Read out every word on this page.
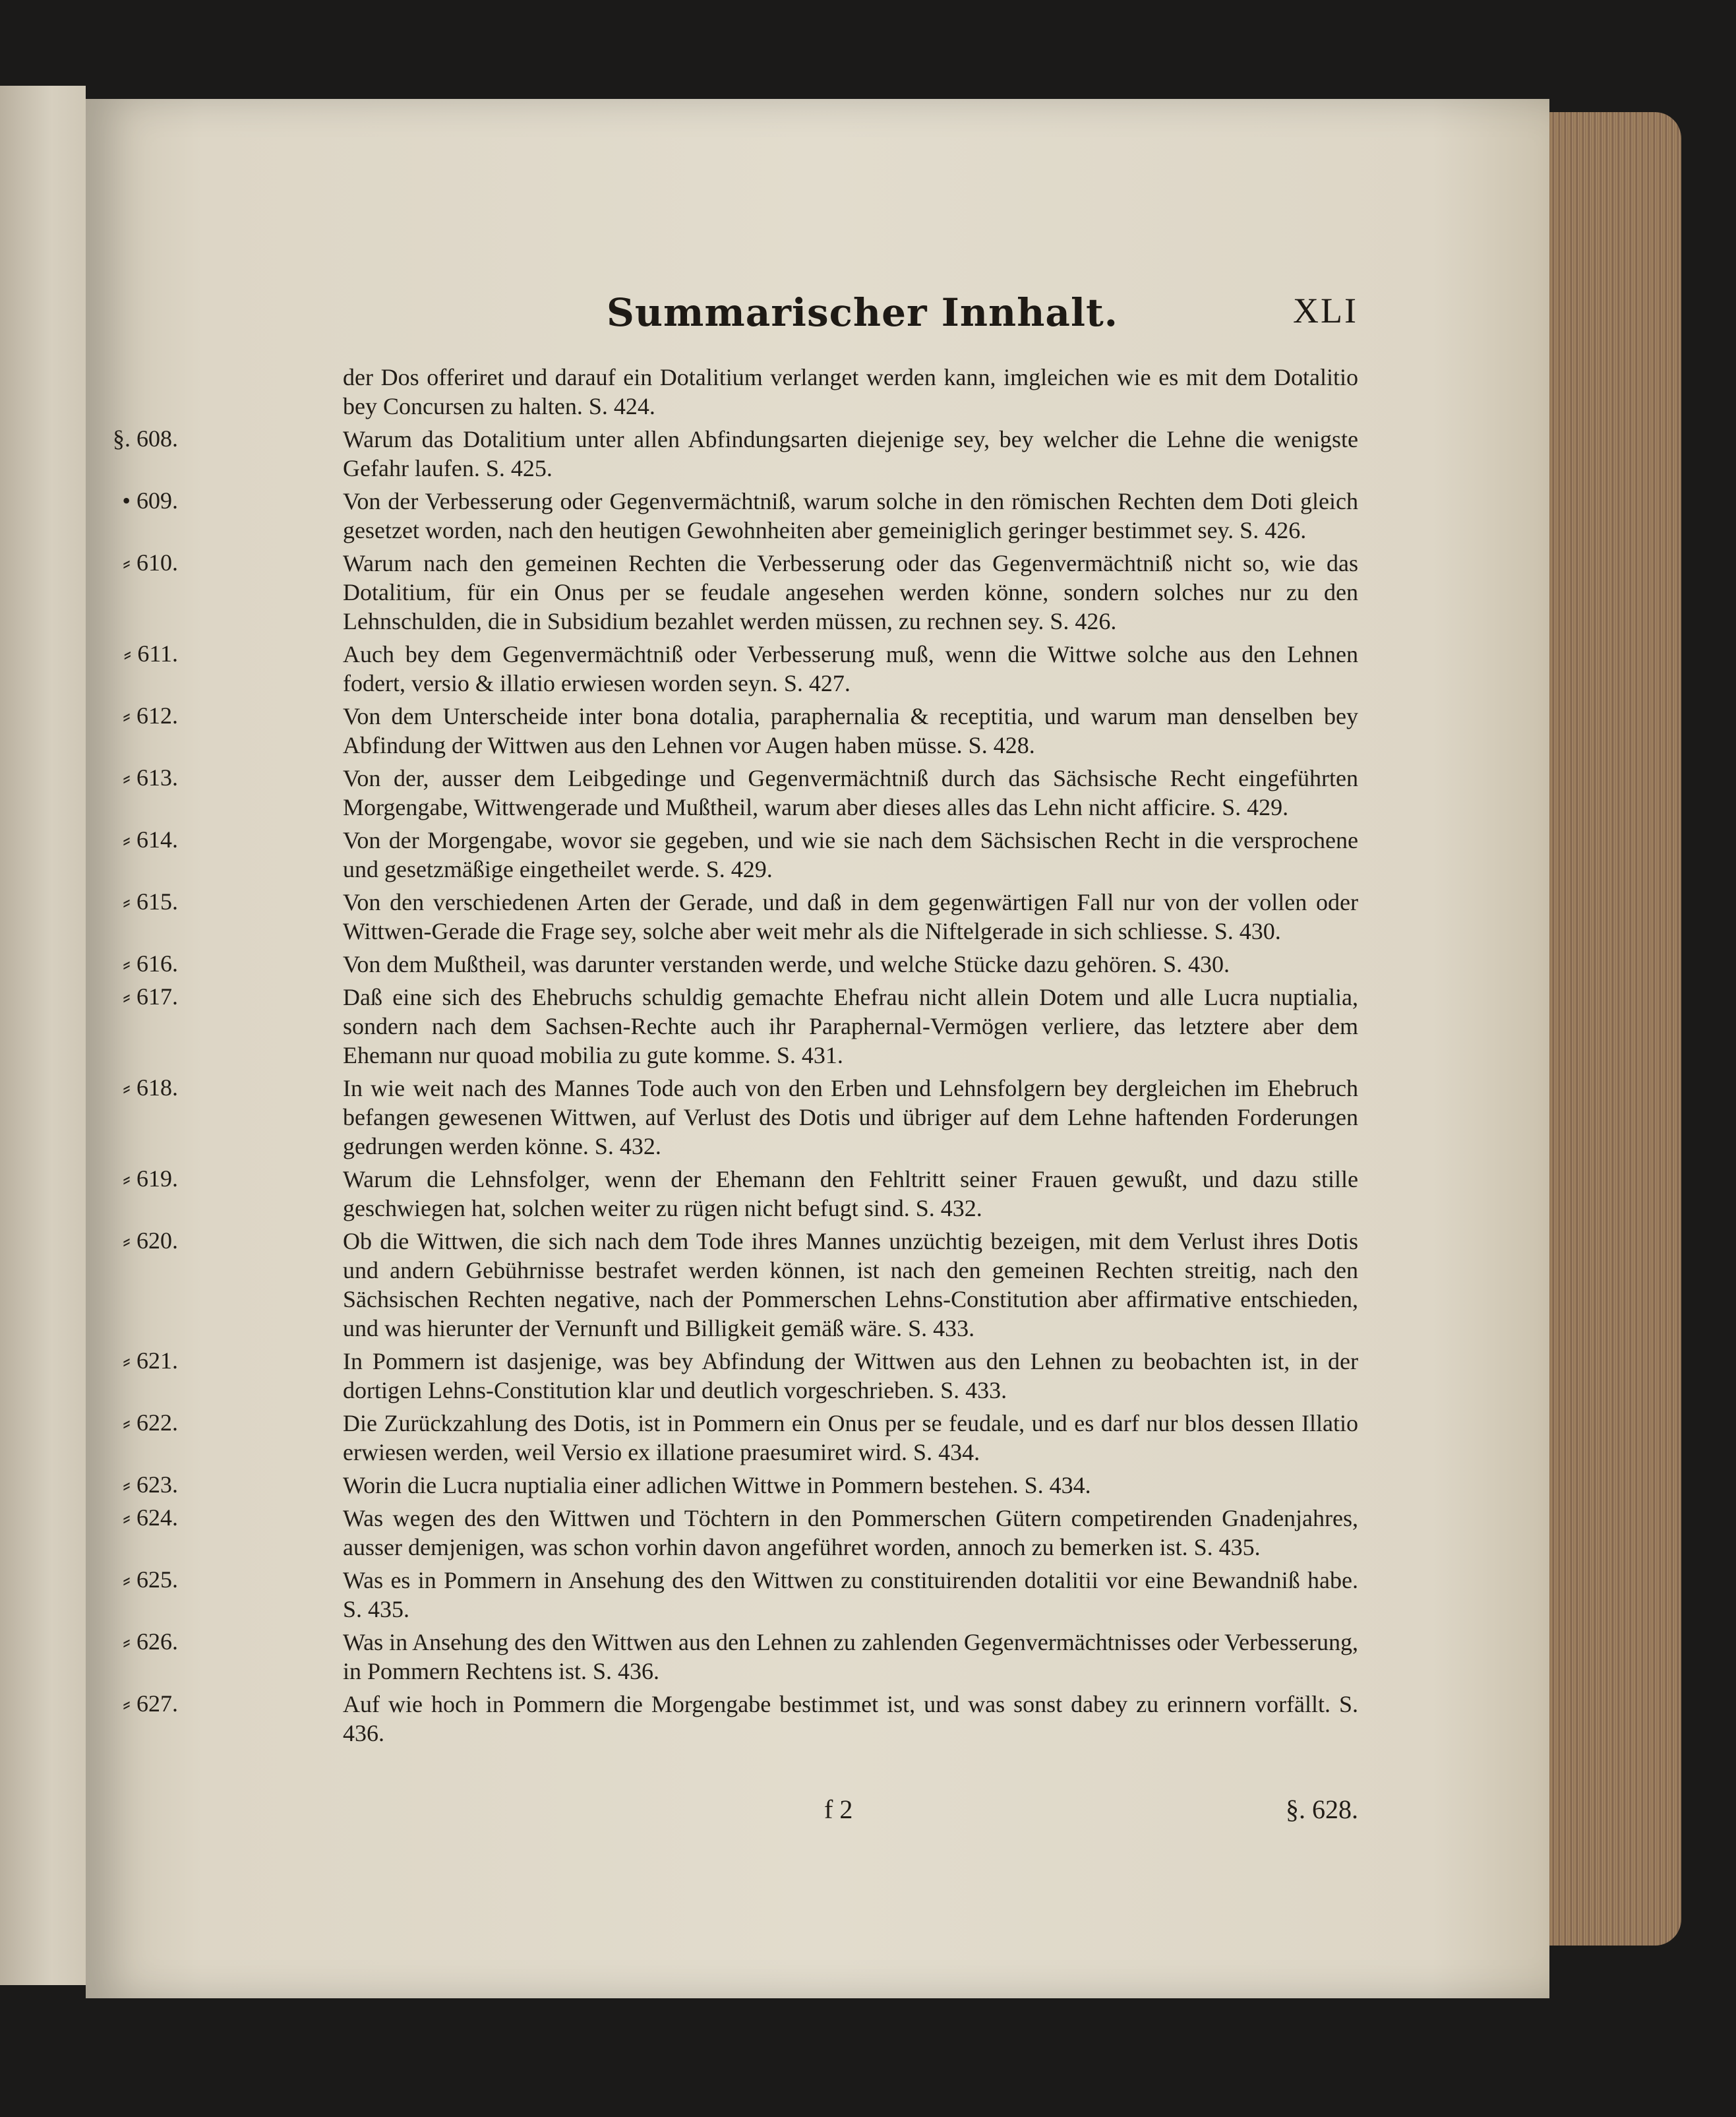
Summarischer Innhalt.	XLI
der Dos offeriret und darauf ein Dotalitium verlanget werden kann, imgleichen wie es mit dem Dotalitio bey Concursen zu halten. S. 424.
§. 608.	Warum das Dotalitium unter allen Abfindungsarten diejenige sey, bey welcher die Lehne die wenigste Gefahr laufen. S. 425.
• 609.	Von der Verbesserung oder Gegenvermächtniß, warum solche in den römischen Rechten dem Doti gleich gesetzet worden, nach den heutigen Gewohnheiten aber gemeiniglich geringer bestimmet sey. S. 426.
⸗ 610.	Warum nach den gemeinen Rechten die Verbesserung oder das Gegenvermächtniß nicht so, wie das Dotalitium, für ein Onus per se feudale angesehen werden könne, sondern solches nur zu den Lehnschulden, die in Subsidium bezahlet werden müssen, zu rechnen sey. S. 426.
⸗ 611.	Auch bey dem Gegenvermächtniß oder Verbesserung muß, wenn die Wittwe solche aus den Lehnen fodert, versio & illatio erwiesen worden seyn. S. 427.
⸗ 612.	Von dem Unterscheide inter bona dotalia, paraphernalia & receptitia, und warum man denselben bey Abfindung der Wittwen aus den Lehnen vor Augen haben müsse. S. 428.
⸗ 613.	Von der, ausser dem Leibgedinge und Gegenvermächtniß durch das Sächsische Recht eingeführten Morgengabe, Wittwengerade und Mußtheil, warum aber dieses alles das Lehn nicht afficire. S. 429.
⸗ 614.	Von der Morgengabe, wovor sie gegeben, und wie sie nach dem Sächsischen Recht in die versprochene und gesetzmäßige eingetheilet werde. S. 429.
⸗ 615.	Von den verschiedenen Arten der Gerade, und daß in dem gegenwärtigen Fall nur von der vollen oder Wittwen-Gerade die Frage sey, solche aber weit mehr als die Niftelgerade in sich schliesse. S. 430.
⸗ 616.	Von dem Mußtheil, was darunter verstanden werde, und welche Stücke dazu gehören. S. 430.
⸗ 617.	Daß eine sich des Ehebruchs schuldig gemachte Ehefrau nicht allein Dotem und alle Lucra nuptialia, sondern nach dem Sachsen-Rechte auch ihr Paraphernal-Vermögen verliere, das letztere aber dem Ehemann nur quoad mobilia zu gute komme. S. 431.
⸗ 618.	In wie weit nach des Mannes Tode auch von den Erben und Lehnsfolgern bey dergleichen im Ehebruch befangen gewesenen Wittwen, auf Verlust des Dotis und übriger auf dem Lehne haftenden Forderungen gedrungen werden könne. S. 432.
⸗ 619.	Warum die Lehnsfolger, wenn der Ehemann den Fehltritt seiner Frauen gewußt, und dazu stille geschwiegen hat, solchen weiter zu rügen nicht befugt sind. S. 432.
⸗ 620.	Ob die Wittwen, die sich nach dem Tode ihres Mannes unzüchtig bezeigen, mit dem Verlust ihres Dotis und andern Gebührnisse bestrafet werden können, ist nach den gemeinen Rechten streitig, nach den Sächsischen Rechten negative, nach der Pommerschen Lehns-Constitution aber affirmative entschieden, und was hierunter der Vernunft und Billigkeit gemäß wäre. S. 433.
⸗ 621.	In Pommern ist dasjenige, was bey Abfindung der Wittwen aus den Lehnen zu beobachten ist, in der dortigen Lehns-Constitution klar und deutlich vorgeschrieben. S. 433.
⸗ 622.	Die Zurückzahlung des Dotis, ist in Pommern ein Onus per se feudale, und es darf nur blos dessen Illatio erwiesen werden, weil Versio ex illatione praesumiret wird. S. 434.
⸗ 623.	Worin die Lucra nuptialia einer adlichen Wittwe in Pommern bestehen. S. 434.
⸗ 624.	Was wegen des den Wittwen und Töchtern in den Pommerschen Gütern competirenden Gnadenjahres, ausser demjenigen, was schon vorhin davon angeführet worden, annoch zu bemerken ist. S. 435.
⸗ 625.	Was es in Pommern in Ansehung des den Wittwen zu constituirenden dotalitii vor eine Bewandniß habe. S. 435.
⸗ 626.	Was in Ansehung des den Wittwen aus den Lehnen zu zahlenden Gegenvermächtnisses oder Verbesserung, in Pommern Rechtens ist. S. 436.
⸗ 627.	Auf wie hoch in Pommern die Morgengabe bestimmet ist, und was sonst dabey zu erinnern vorfällt. S. 436.
f 2	§. 628.
